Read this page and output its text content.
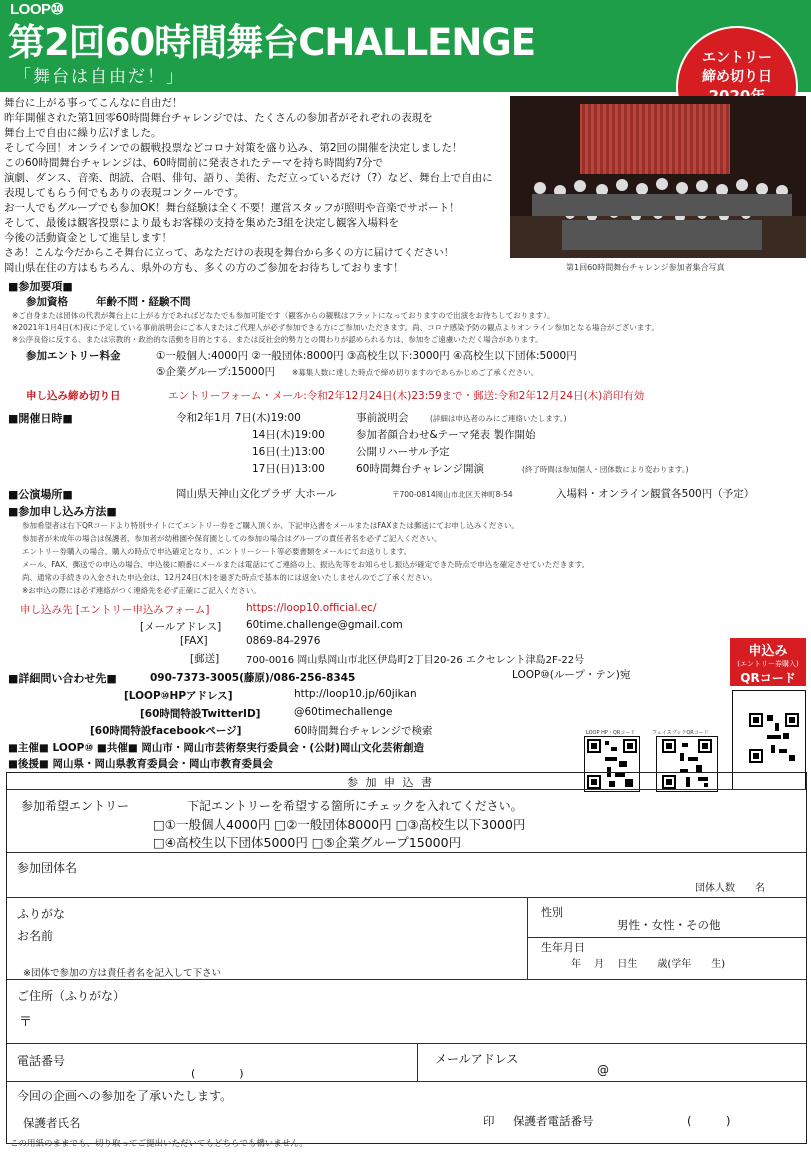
LOOP⑩
第2回60時間舞台CHALLENGE
「舞台は自由だ！」
エントリー
締め切り日
第1回60時間舞台チャレンジ参加者集合写真
舞台に上がる事ってこんなに自由だ！
昨年開催された第1回零60時間舞台チャレンジでは、たくさんの参加者がそれぞれの表現を
舞台上で自由に繰り広げました。
そして今回！オンラインでの観戦投票などコロナ対策を盛り込み、第2回の開催を決定しました！
この60時間舞台チャレンジは、60時間前に発表されたテーマを持ち時間約7分で
演劇、ダンス、音楽、朗読、合唱、俳句、語り、美術、ただ立っているだけ（?）など、舞台上で自由に
表現してもらう何でもありの表現コンクールです。
お一人でもグループでも参加OK！舞台経験は全く不要！運営スタッフが照明や音楽でサポート！
そして、最後は観客投票により最もお客様の支持を集めた3組を決定し観客入場料を
今後の活動資金として進呈します！
さあ！こんな今だからこそ舞台に立って、あなただけの表現を舞台から多くの方に届けてください！
岡山県在住の方はもちろん、県外の方も、多くの方のご参加をお待ちしております！
■参加要項■
参加資格	年齢不問・経験不問
※ご自身または団体の代表が舞台上に上がる方であればどなたでも参加可能です（観客からの観戦はフラットになっておりますので出演をお待ちしております）。
※2021年1月4日(木)夜に予定している事前説明会にご本人またはご代理人が必ず参加できる方にご参加いただきます。尚、コロナ感染予防の観点よりオンライン参加となる場合がございます。
※公序良俗に反する、または宗教的・政治的な活動を目的とする、または反社会的勢力との関わりが認められる方は、参加をご遠慮いただく場合があります。
参加エントリー料金	①一般個人:4000円 ②一般団体:8000円 ③高校生以下:3000円 ④高校生以下団体:5000円
⑤企業グループ:15000円 ※募集人数に達した時点で締め切りますのであらかじめご了承ください。
申し込み締め切り日	エントリーフォーム・メール:令和2年12月24日(木)23:59まで・郵送:令和2年12月24日(木)消印有効
■開催日時■	令和2年1月 7日(木)19:00	事前説明会	(詳細は申込者のみにご連絡いたします。)
14日(木)19:00	参加者顔合わせ&テーマ発表 製作開始
16日(土)13:00	公開リハーサル予定
17日(日)13:00	60時間舞台チャレンジ開演	(終了時間は参加個人・団体数により変わります。)
■公演場所■	岡山県天神山文化プラザ 大ホール	〒700-0814岡山市北区天神町8-54	入場料・オンライン観賞各500円（予定）
■参加申し込み方法■
参加希望者は右下QRコードより特別サイトにてエントリー券をご購入頂くか、下記申込書をメールまたはFAXまたは郵送にてお申し込みください。
参加者が未成年の場合は保護者、参加者が幼稚園や保育園としての参加の場合はグループの責任者名を必ずご記入ください。
エントリー券購入の場合、購入の時点で申込確定となり、エントリーシート等必要書類をメールにてお送りします。
メール、FAX、郵送での申込の場合、申込後に順番にメールまたは電話にてご連絡の上、振込先等をお知らせし振込が確定できた時点で申込を確定させていただきます。
尚、通常の手続きの入金された申込金は、12月24日(木)を過ぎた時点で基本的には返金いたしませんのでご了承ください。
※お申込の際には必ず連絡がつく連絡先を必ず正確にご記入ください。
申し込み先 [エントリー申込みフォーム]	https://loop10.official.ec/
[メールアドレス] 60time.challenge@gmail.com
[FAX]	0869-84-2976
[郵送]	700-0016 岡山県岡山市北区伊島町2丁目20-26 エクセレント津島2F-22号
LOOP⑩(ループ・テン)宛
申込み
(エントリー券購入)
QRコード
■詳細問い合わせ先■	090-7373-3005(藤原)/086-256-8345
[LOOP⑩HPアドレス]	http://loop10.jp/60jikan
[60時間特設TwitterID]	@60timechallenge
[60時間特設facebookページ]	60時間舞台チャレンジで検索	LOOP HP・QRコード	フェイスブックQRコード
■主催■ LOOP⑩ ■共催■ 岡山市・岡山市芸術祭実行委員会・(公財)岡山文化芸術創造
■後援■ 岡山県・岡山県教育委員会・岡山市教育委員会
参 加 申 込 書
参加希望エントリー	下記エントリーを希望する箇所にチェックを入れてください。
□①一般個人4000円 □②一般団体8000円 □③高校生以下3000円
□④高校生以下団体5000円 □⑤企業グループ15000円
参加団体名
団体人数　　名
ふりがな
お名前
※団体で参加の方は責任者名を記入して下さい
性別
男性・女性・その他
生年月日
年　 月　 日生　　歳(学年　　生)
ご住所（ふりがな）
〒
電話番号
(　　　　)
メールアドレス
@
今回の企画への参加を了承いたします。
保護者氏名	印 保護者電話番号	(　　　)
この用紙のままでも、切り取ってご提出いただいてもどちらでも構いません。
